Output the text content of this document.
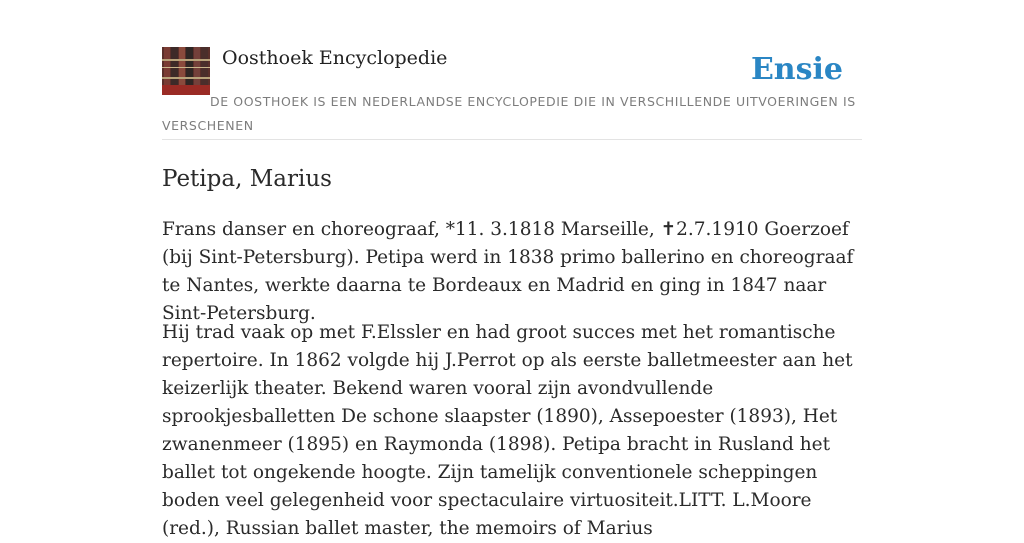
Oosthoek Encyclopedie	Ensie
DE OOSTHOEK IS EEN NEDERLANDSE ENCYCLOPEDIE DIE IN VERSCHILLENDE UITVOERINGEN IS VERSCHENEN
Petipa, Marius

Frans danser en choreograaf, *11. 3.1818 Marseille, ✝2.7.1910 Goerzoef (bij Sint-Petersburg). Petipa werd in 1838 primo ballerino en choreograaf te Nantes, werkte daarna te Bordeaux en Madrid en ging in 1847 naar Sint-Petersburg.

Hij trad vaak op met F.Elssler en had groot succes met het romantische repertoire. In 1862 volgde hij J.Perrot op als eerste balletmeester aan het keizerlijk theater. Bekend waren vooral zijn avondvullende sprookjesballetten De schone slaapster (1890), Assepoester (1893), Het zwanenmeer (1895) en Raymonda (1898). Petipa bracht in Rusland het ballet tot ongekende hoogte. Zijn tamelijk conventionele scheppingen boden veel gelegenheid voor spectaculaire virtuositeit.LITT. L.Moore (red.), Russian ballet master, the memoirs of Marius
